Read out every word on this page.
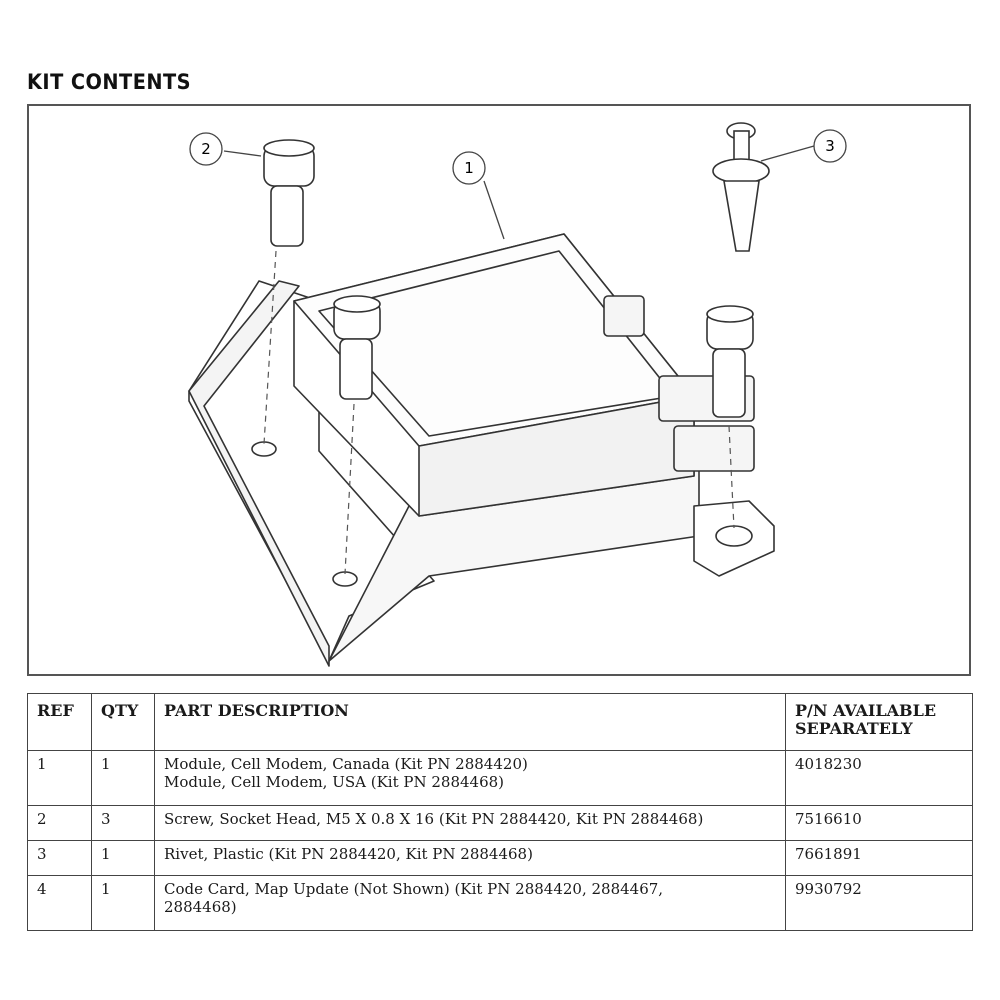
KIT CONTENTS
2
1
3
REF	QTY	PART DESCRIPTION	P/N AVAILABLE
SEPARATELY

1	1	Module, Cell Modem, Canada (Kit PN 2884420)
Module, Cell Modem, USA (Kit PN 2884468)	4018230
2	3	Screw, Socket Head, M5 X 0.8 X 16 (Kit PN 2884420, Kit PN 2884468)	7516610
3	1	Rivet, Plastic (Kit PN 2884420, Kit PN 2884468)	7661891
4	1	Code Card, Map Update (Not Shown) (Kit PN 2884420, 2884467,
2884468)	9930792
